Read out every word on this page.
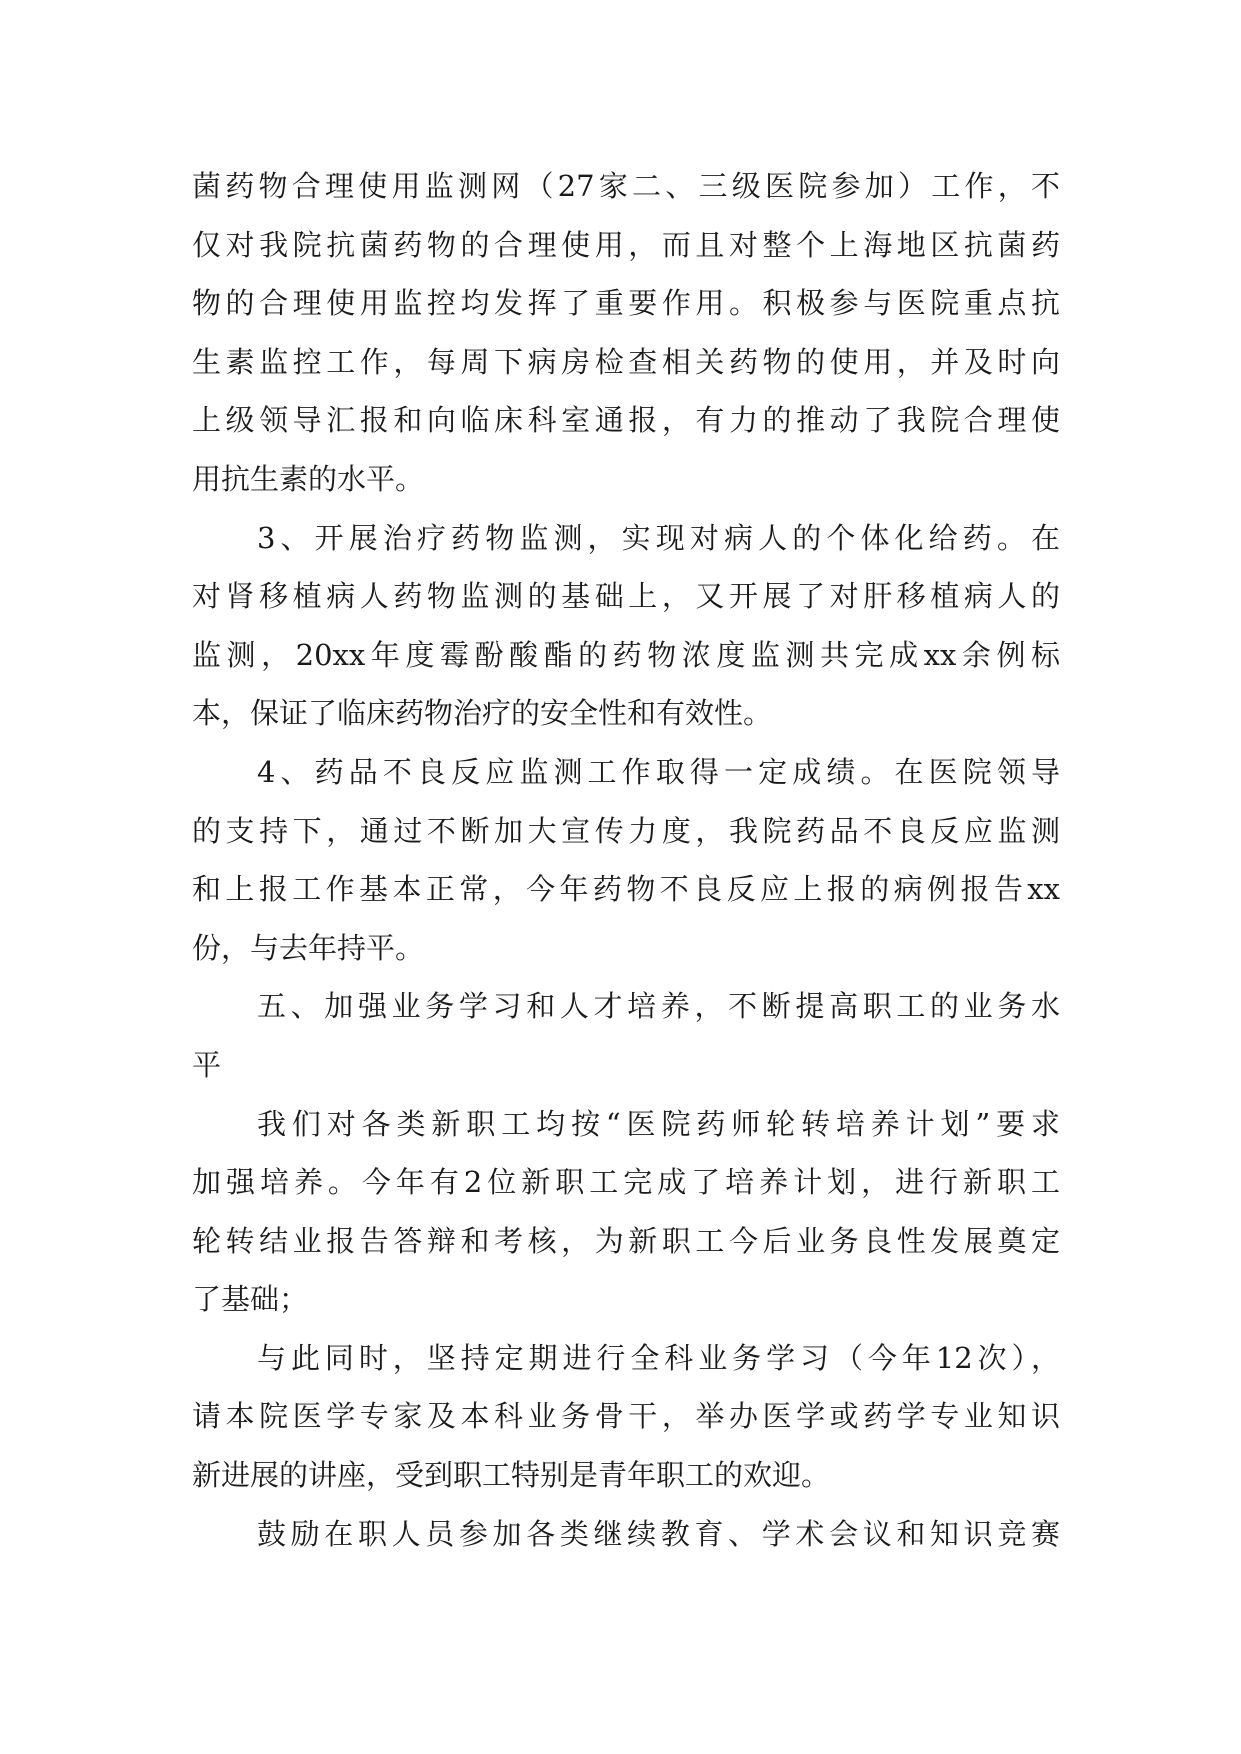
菌药物合理使用监测网（27家二、三级医院参加）工作，不
仅对我院抗菌药物的合理使用，而且对整个上海地区抗菌药
物的合理使用监控均发挥了重要作用。积极参与医院重点抗
生素监控工作，每周下病房检查相关药物的使用，并及时向
上级领导汇报和向临床科室通报，有力的推动了我院合理使
用抗生素的水平。
3、开展治疗药物监测，实现对病人的个体化给药。在
对肾移植病人药物监测的基础上，又开展了对肝移植病人的
监测，20xx年度霉酚酸酯的药物浓度监测共完成xx余例标
本，保证了临床药物治疗的安全性和有效性。
4、药品不良反应监测工作取得一定成绩。在医院领导
的支持下，通过不断加大宣传力度，我院药品不良反应监测
和上报工作基本正常，今年药物不良反应上报的病例报告xx
份，与去年持平。
五、加强业务学习和人才培养，不断提高职工的业务水
平
我们对各类新职工均按“医院药师轮转培养计划”要求
加强培养。今年有2位新职工完成了培养计划，进行新职工
轮转结业报告答辩和考核，为新职工今后业务良性发展奠定
了基础；
与此同时，坚持定期进行全科业务学习（今年12次），
请本院医学专家及本科业务骨干，举办医学或药学专业知识
新进展的讲座，受到职工特别是青年职工的欢迎。
鼓励在职人员参加各类继续教育、学术会议和知识竞赛
